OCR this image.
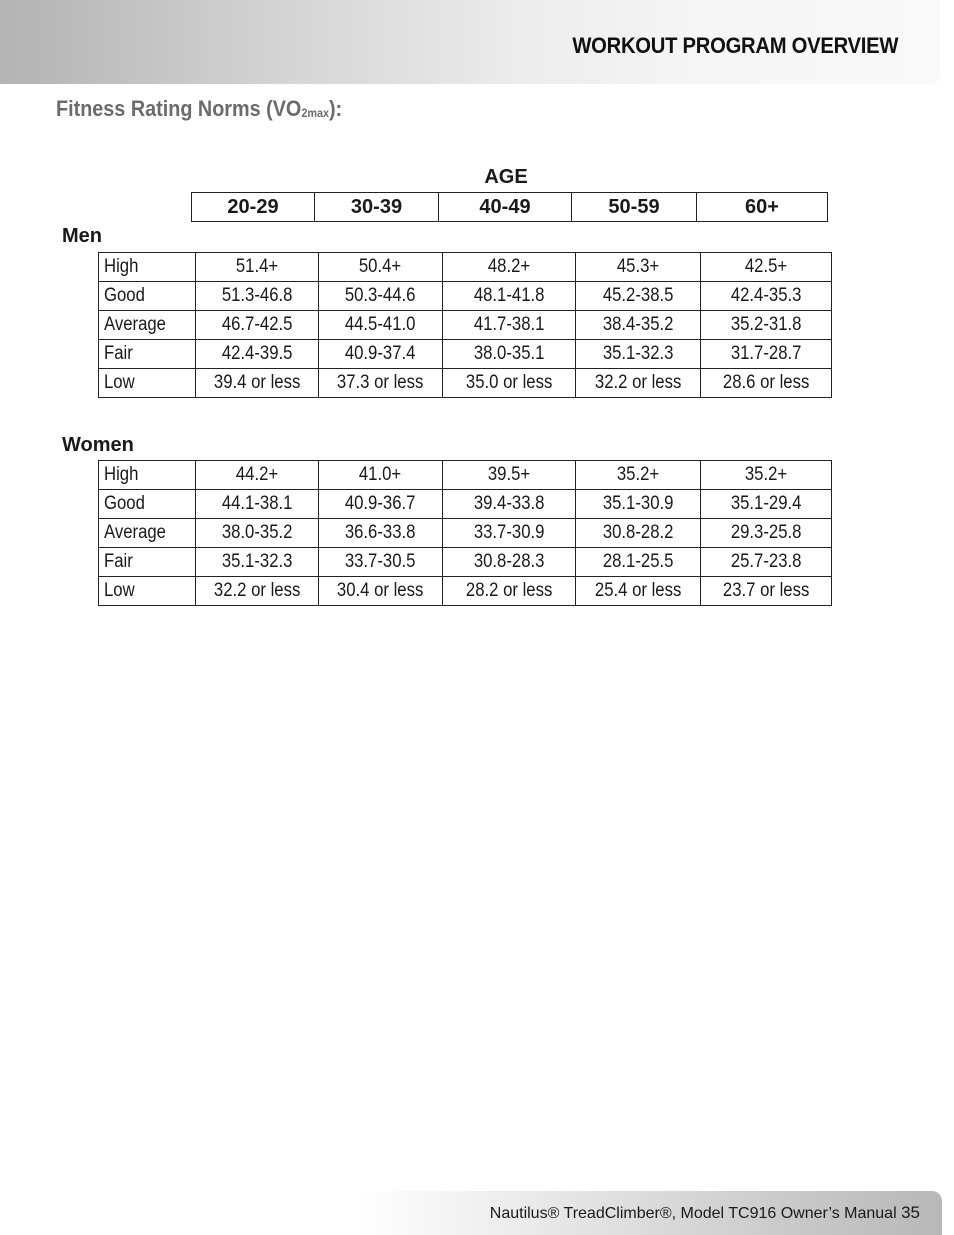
WORKOUT PROGRAM OVERVIEW
Fitness Rating Norms $(VO_{2max})$:
AGE
20-29	30-39	40-49	50-59	60+
Men
High	51.4+	50.4+	48.2+	45.3+	42.5+
Good	51.3-46.8	50.3-44.6	48.1-41.8	45.2-38.5	42.4-35.3
Average	46.7-42.5	44.5-41.0	41.7-38.1	38.4-35.2	35.2-31.8
Fair	42.4-39.5	40.9-37.4	38.0-35.1	35.1-32.3	31.7-28.7
Low	39.4 or less	37.3 or less	35.0 or less	32.2 or less	28.6 or less
Women
High	44.2+	41.0+	39.5+	35.2+	35.2+
Good	44.1-38.1	40.9-36.7	39.4-33.8	35.1-30.9	35.1-29.4
Average	38.0-35.2	36.6-33.8	33.7-30.9	30.8-28.2	29.3-25.8
Fair	35.1-32.3	33.7-30.5	30.8-28.3	28.1-25.5	25.7-23.8
Low	32.2 or less	30.4 or less	28.2 or less	25.4 or less	23.7 or less
Nautilus® TreadClimber®, Model TC916 Owner’s Manual 35
